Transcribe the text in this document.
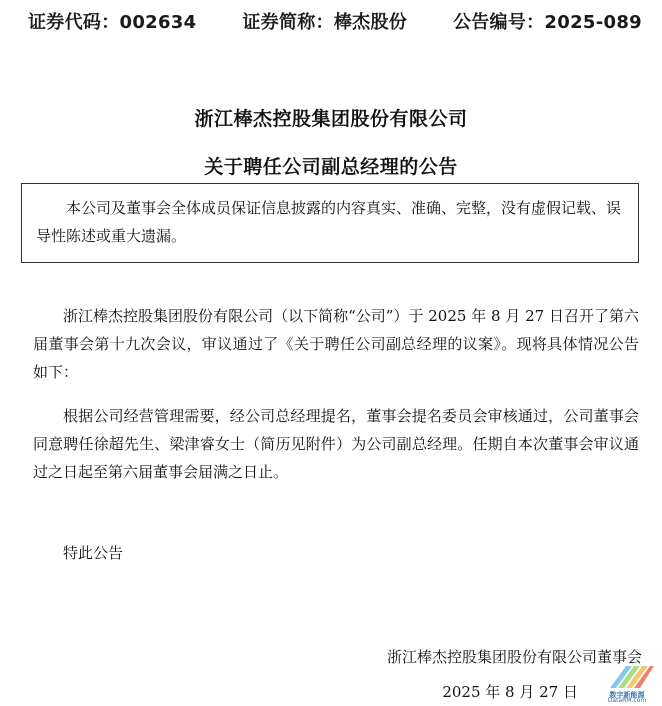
证券代码：002634	证券简称：棒杰股份	公告编号：2025-089
浙江棒杰控股集团股份有限公司
关于聘任公司副总经理的公告
本公司及董事会全体成员保证信息披露的内容真实、准确、完整，没有虚假记载、误导性陈述或重大遗漏。
浙江棒杰控股集团股份有限公司（以下简称“公司”）于 2025 年 8 月 27 日召开了第六届董事会第十九次会议，审议通过了《关于聘任公司副总经理的议案》。现将具体情况公告如下：
根据公司经营管理需要，经公司总经理提名，董事会提名委员会审核通过，公司董事会同意聘任徐超先生、梁津睿女士（简历见附件）为公司副总经理。任期自本次董事会审议通过之日起至第六届董事会届满之日止。
特此公告
浙江棒杰控股集团股份有限公司董事会
2025 年 8 月 27 日	数字新能源
DataRM.com
